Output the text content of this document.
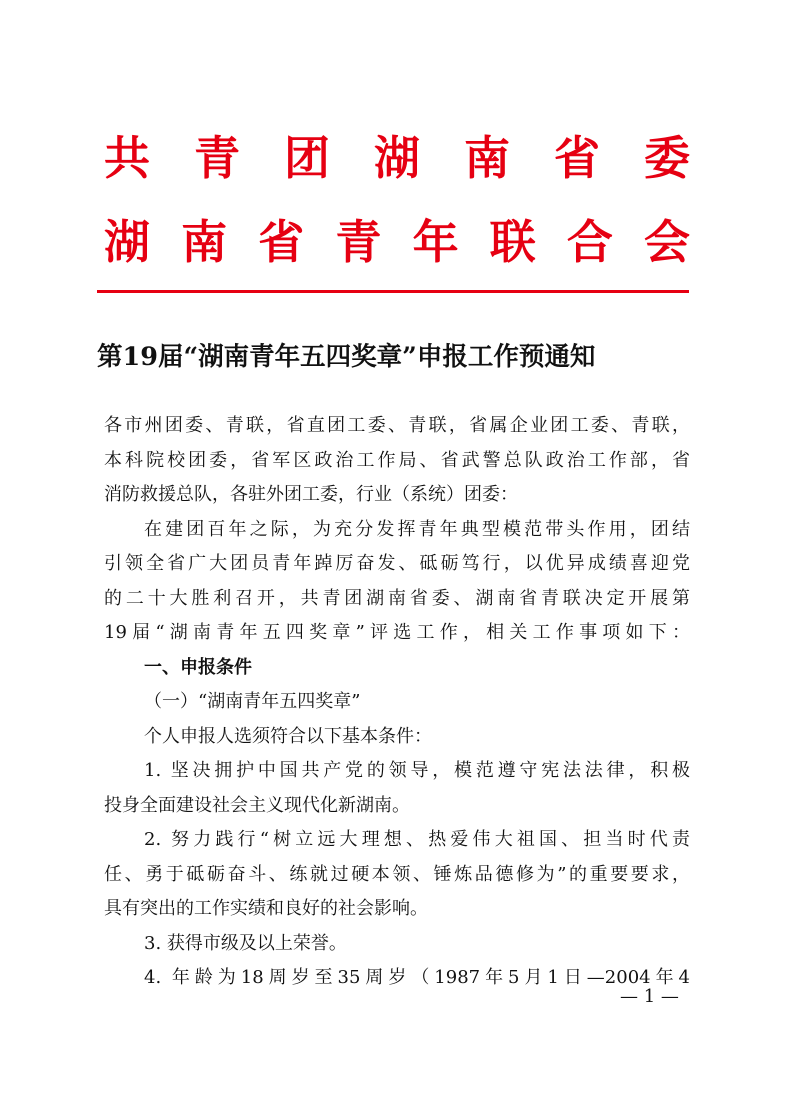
共青团湖南省委
湖南省青年联合会
第19届“湖南青年五四奖章”申报工作预通知
各市州团委、青联，省直团工委、青联，省属企业团工委、青联，
本科院校团委，省军区政治工作局、省武警总队政治工作部，省
消防救援总队，各驻外团工委，行业（系统）团委：
在建团百年之际，为充分发挥青年典型模范带头作用，团结
引领全省广大团员青年踔厉奋发、砥砺笃行，以优异成绩喜迎党
的二十大胜利召开，共青团湖南省委、湖南省青联决定开展第
19届“湖南青年五四奖章”评选工作，相关工作事项如下：
一、申报条件
（一）“湖南青年五四奖章”
个人申报人选须符合以下基本条件：
1. 坚决拥护中国共产党的领导，模范遵守宪法法律，积极
投身全面建设社会主义现代化新湖南。
2. 努力践行“树立远大理想、热爱伟大祖国、担当时代责
任、勇于砥砺奋斗、练就过硬本领、锤炼品德修为”的重要要求，
具有突出的工作实绩和良好的社会影响。
3. 获得市级及以上荣誉。
4. 年龄为18周岁至35周岁（1987年5月1日—2004年4
— 1 —
